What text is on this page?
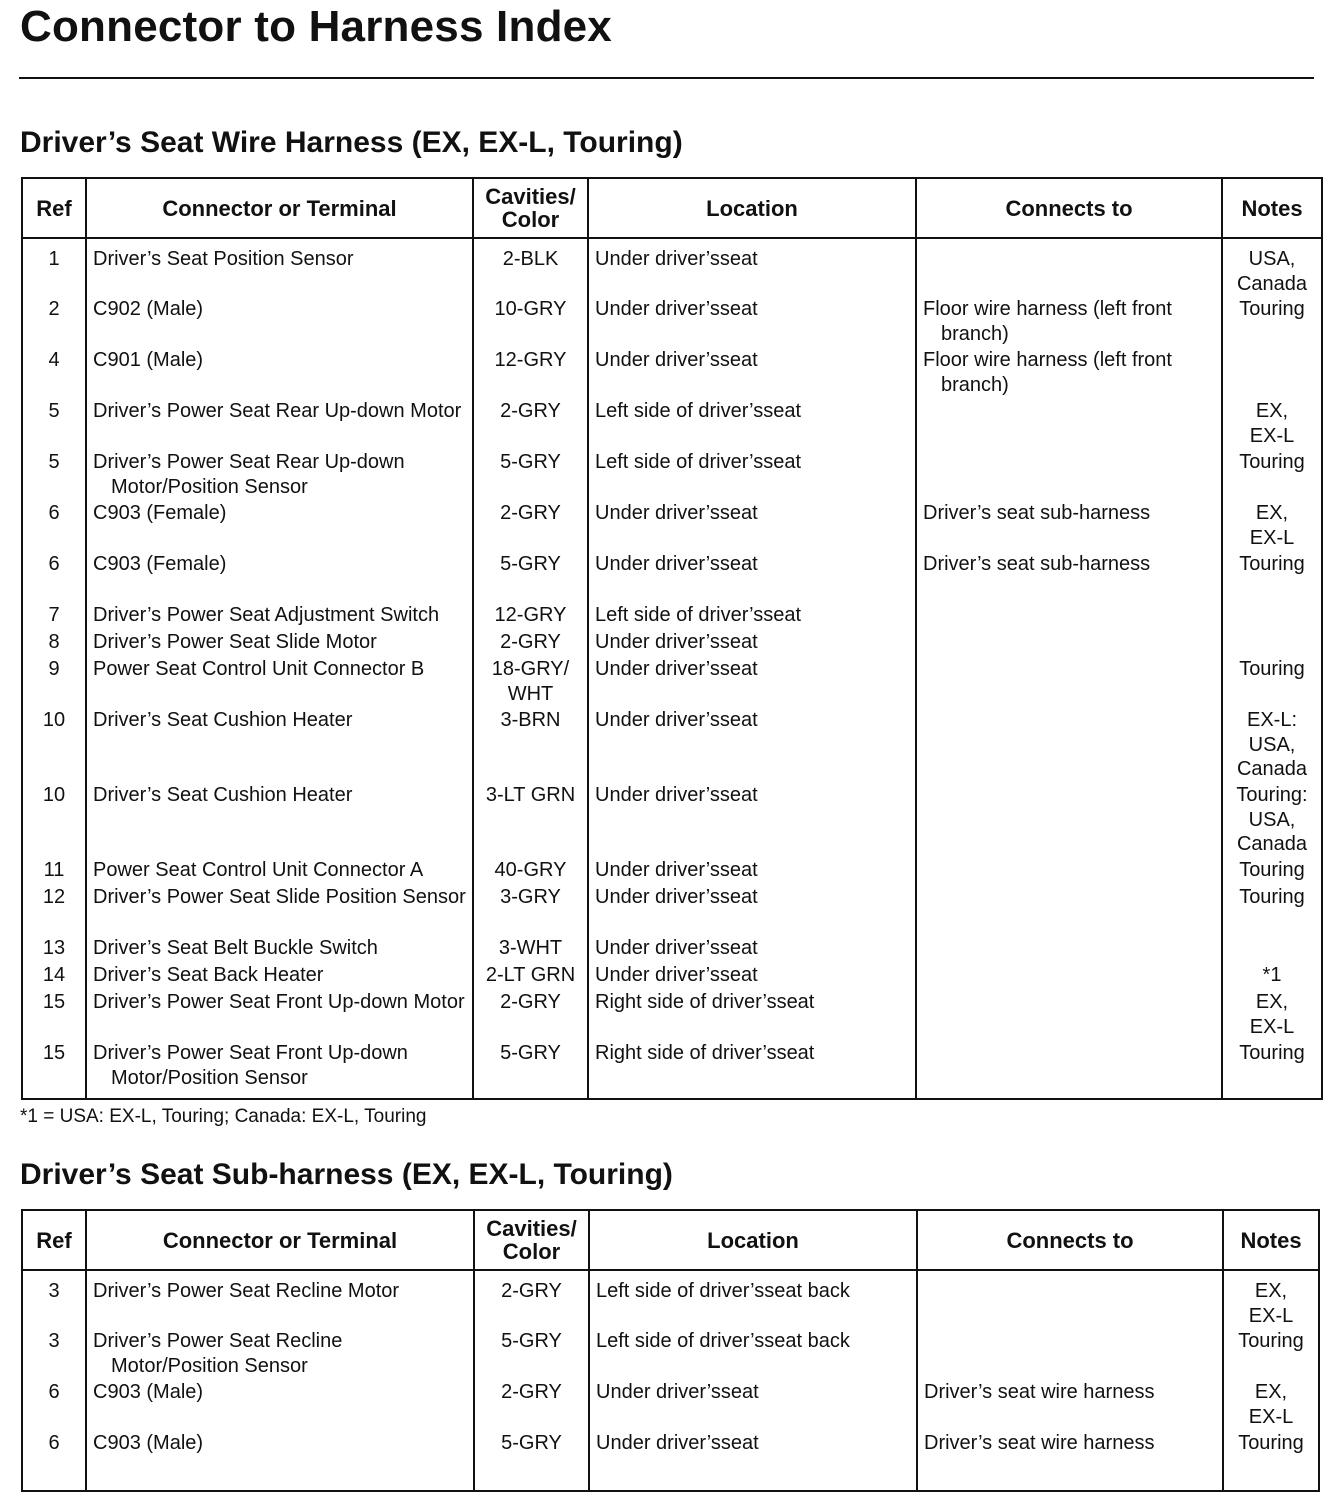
Connector to Harness Index
Driver’s Seat Wire Harness (EX, EX-L, Touring)
Ref	Connector or Terminal	Cavities/
Color	Location	Connects to	Notes
1	Driver’s Seat Position Sensor	2-BLK	Under driver’sseat		USA,
Canada
2	C902 (Male)	10-GRY	Under driver’sseat	Floor wire harness (left front branch)	Touring
4	C901 (Male)	12-GRY	Under driver’sseat	Floor wire harness (left front branch)	

5	Driver’s Power Seat Rear Up-down Motor	2-GRY	Left side of driver’sseat		EX,
EX-L
5	Driver’s Power Seat Rear Up-down Motor/Position Sensor	5-GRY	Left side of driver’sseat		Touring
6	C903 (Female)	2-GRY	Under driver’sseat	Driver’s seat sub-harness	EX,
EX-L
6	C903 (Female)	5-GRY	Under driver’sseat	Driver’s seat sub-harness	Touring
7	Driver’s Power Seat Adjustment Switch	12-GRY	Left side of driver’sseat		

8	Driver’s Power Seat Slide Motor	2-GRY	Under driver’sseat		

9	Power Seat Control Unit Connector B	18-GRY/
WHT	Under driver’sseat		Touring
10	Driver’s Seat Cushion Heater	3-BRN	Under driver’sseat		EX-L:
USA,
Canada
10	Driver’s Seat Cushion Heater	3-LT GRN	Under driver’sseat		Touring:
USA,
Canada
11	Power Seat Control Unit Connector A	40-GRY	Under driver’sseat		Touring
12	Driver’s Power Seat Slide Position Sensor	3-GRY	Under driver’sseat		Touring
13	Driver’s Seat Belt Buckle Switch	3-WHT	Under driver’sseat		

14	Driver’s Seat Back Heater	2-LT GRN	Under driver’sseat		*1
15	Driver’s Power Seat Front Up-down Motor	2-GRY	Right side of driver’sseat		EX,
EX-L
15	Driver’s Power Seat Front Up-down Motor/Position Sensor	5-GRY	Right side of driver’sseat		Touring

*1 = USA: EX-L, Touring; Canada: EX-L, Touring
Driver’s Seat Sub-harness (EX, EX-L, Touring)
Ref	Connector or Terminal	Cavities/
Color	Location	Connects to	Notes
3	Driver’s Power Seat Recline Motor	2-GRY	Left side of driver’sseat back		EX,
EX-L
3	Driver’s Power Seat Recline Motor/Position Sensor	5-GRY	Left side of driver’sseat back		Touring
6	C903 (Male)	2-GRY	Under driver’sseat	Driver’s seat wire harness	EX,
EX-L
6	C903 (Male)	5-GRY	Under driver’sseat	Driver’s seat wire harness	Touring
